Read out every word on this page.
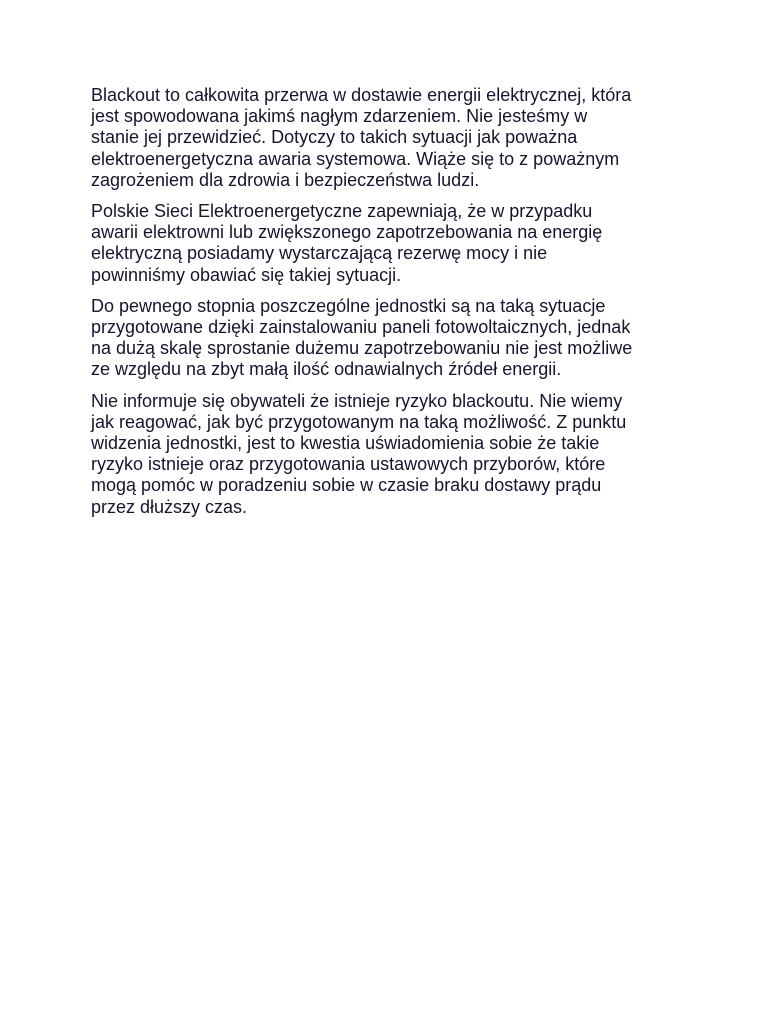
Blackout to całkowita przerwa w dostawie energii elektrycznej, która
jest spowodowana jakimś nagłym zdarzeniem. Nie jesteśmy w
stanie jej przewidzieć. Dotyczy to takich sytuacji jak poważna
elektroenergetyczna awaria systemowa. Wiąże się to z poważnym
zagrożeniem dla zdrowia i bezpieczeństwa ludzi.

Polskie Sieci Elektroenergetyczne zapewniają, że w przypadku
awarii elektrowni lub zwiększonego zapotrzebowania na energię
elektryczną posiadamy wystarczającą rezerwę mocy i nie
powinniśmy obawiać się takiej sytuacji.

Do pewnego stopnia poszczególne jednostki są na taką sytuacje
przygotowane dzięki zainstalowaniu paneli fotowoltaicznych, jednak
na dużą skalę sprostanie dużemu zapotrzebowaniu nie jest możliwe
ze względu na zbyt małą ilość odnawialnych źródeł energii.

Nie informuje się obywateli że istnieje ryzyko blackoutu. Nie wiemy
jak reagować, jak być przygotowanym na taką możliwość. Z punktu
widzenia jednostki, jest to kwestia uświadomienia sobie że takie
ryzyko istnieje oraz przygotowania ustawowych przyborów, które
mogą pomóc w poradzeniu sobie w czasie braku dostawy prądu
przez dłuższy czas.
